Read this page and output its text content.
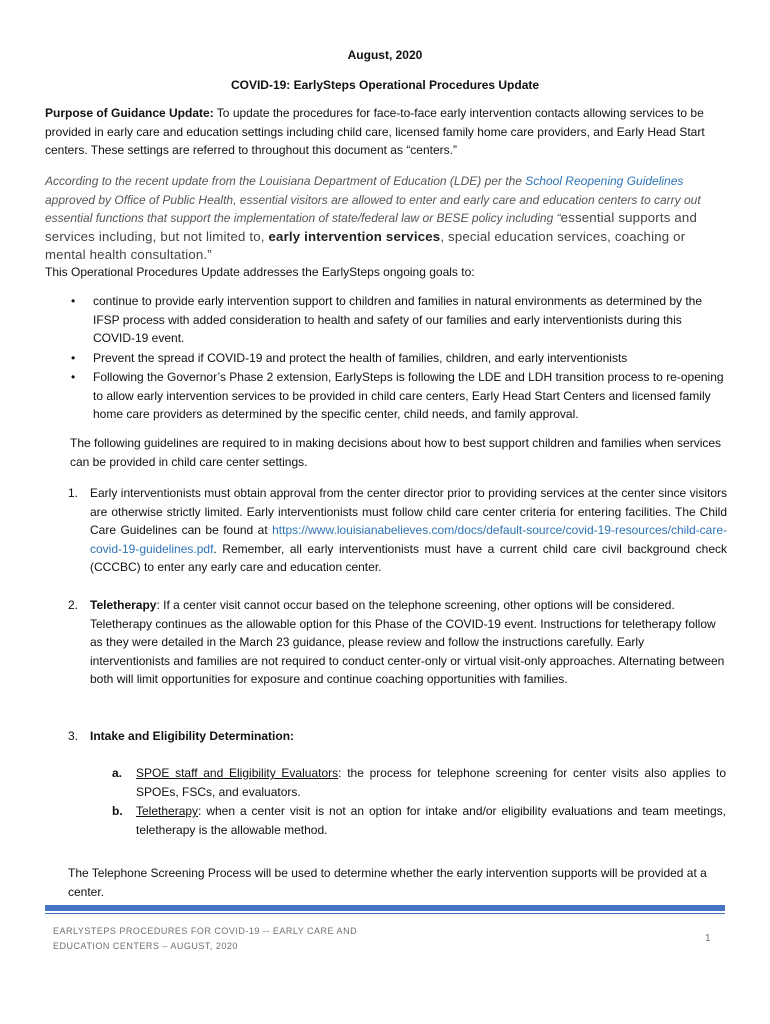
August, 2020
COVID-19: EarlySteps Operational Procedures Update
Purpose of Guidance Update: To update the procedures for face-to-face early intervention contacts allowing services to be provided in early care and education settings including child care, licensed family home care providers, and Early Head Start centers. These settings are referred to throughout this document as “centers.”
According to the recent update from the Louisiana Department of Education (LDE) per the School Reopening Guidelines approved by Office of Public Health, essential visitors are allowed to enter and early care and education centers to carry out essential functions that support the implementation of state/federal law or BESE policy including “essential supports and services including, but not limited to, early intervention services, special education services, coaching or mental health consultation.”
This Operational Procedures Update addresses the EarlySteps ongoing goals to:
• continue to provide early intervention support to children and families in natural environments as determined by the IFSP process with added consideration to health and safety of our families and early interventionists during this COVID-19 event.
• Prevent the spread if COVID-19 and protect the health of families, children, and early interventionists
• Following the Governor’s Phase 2 extension, EarlySteps is following the LDE and LDH transition process to re-opening to allow early intervention services to be provided in child care centers, Early Head Start Centers and licensed family home care providers as determined by the specific center, child needs, and family approval.
The following guidelines are required to in making decisions about how to best support children and families when services can be provided in child care center settings.
1. Early interventionists must obtain approval from the center director prior to providing services at the center since visitors are otherwise strictly limited. Early interventionists must follow child care center criteria for entering facilities. The Child Care Guidelines can be found at https://www.louisianabelieves.com/docs/default-source/covid-19-resources/child-care-covid-19-guidelines.pdf. Remember, all early interventionists must have a current child care civil background check (CCCBC) to enter any early care and education center.
2. Teletherapy: If a center visit cannot occur based on the telephone screening, other options will be considered. Teletherapy continues as the allowable option for this Phase of the COVID-19 event. Instructions for teletherapy follow as they were detailed in the March 23 guidance, please review and follow the instructions carefully. Early interventionists and families are not required to conduct center-only or virtual visit-only approaches. Alternating between both will limit opportunities for exposure and continue coaching opportunities with families.
3. Intake and Eligibility Determination:
a. SPOE staff and Eligibility Evaluators: the process for telephone screening for center visits also applies to SPOEs, FSCs, and evaluators.
b. Teletherapy: when a center visit is not an option for intake and/or eligibility evaluations and team meetings, teletherapy is the allowable method.
The Telephone Screening Process will be used to determine whether the early intervention supports will be provided at a center.
EARLYSTEPS PROCEDURES FOR COVID-19 -- EARLY CARE AND
EDUCATION CENTERS – AUGUST, 2020
1
